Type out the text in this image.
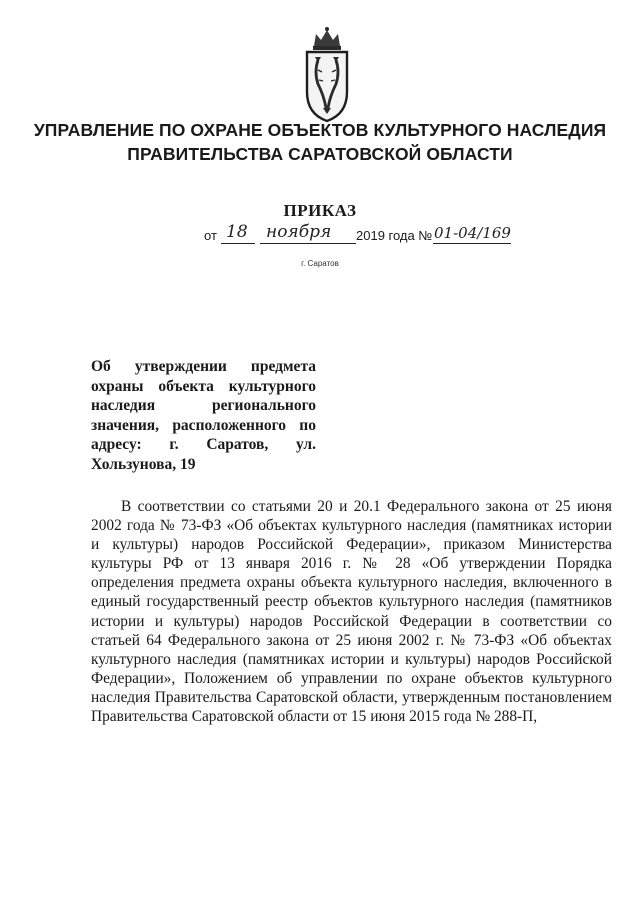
УПРАВЛЕНИЕ ПО ОХРАНЕ ОБЪЕКТОВ КУЛЬТУРНОГО НАСЛЕДИЯ
ПРАВИТЕЛЬСТВА САРАТОВСКОЙ ОБЛАСТИ
ПРИКАЗ
от 18 ноября 2019 года № 01-04/169
г. Саратов
Об утверждении предмета
охраны объекта культурного
наследия регионального
значения, расположенного по
адресу: г. Саратов, ул.
Хользунова, 19
В соответствии со статьями 20 и 20.1 Федерального закона от 25 июня
2002 года № 73-ФЗ «Об объектах культурного наследия (памятниках истории
и культуры) народов Российской Федерации», приказом Министерства
культуры РФ от 13 января 2016 г. № 28 «Об утверждении Порядка
определения предмета охраны объекта культурного наследия, включенного в
единый государственный реестр объектов культурного наследия (памятников
истории и культуры) народов Российской Федерации в соответствии со
статьей 64 Федерального закона от 25 июня 2002 г. № 73-ФЗ «Об объектах
культурного наследия (памятниках истории и культуры) народов Российской
Федерации», Положением об управлении по охране объектов культурного
наследия Правительства Саратовской области, утвержденным постановлением
Правительства Саратовской области от 15 июня 2015 года № 288-П,
